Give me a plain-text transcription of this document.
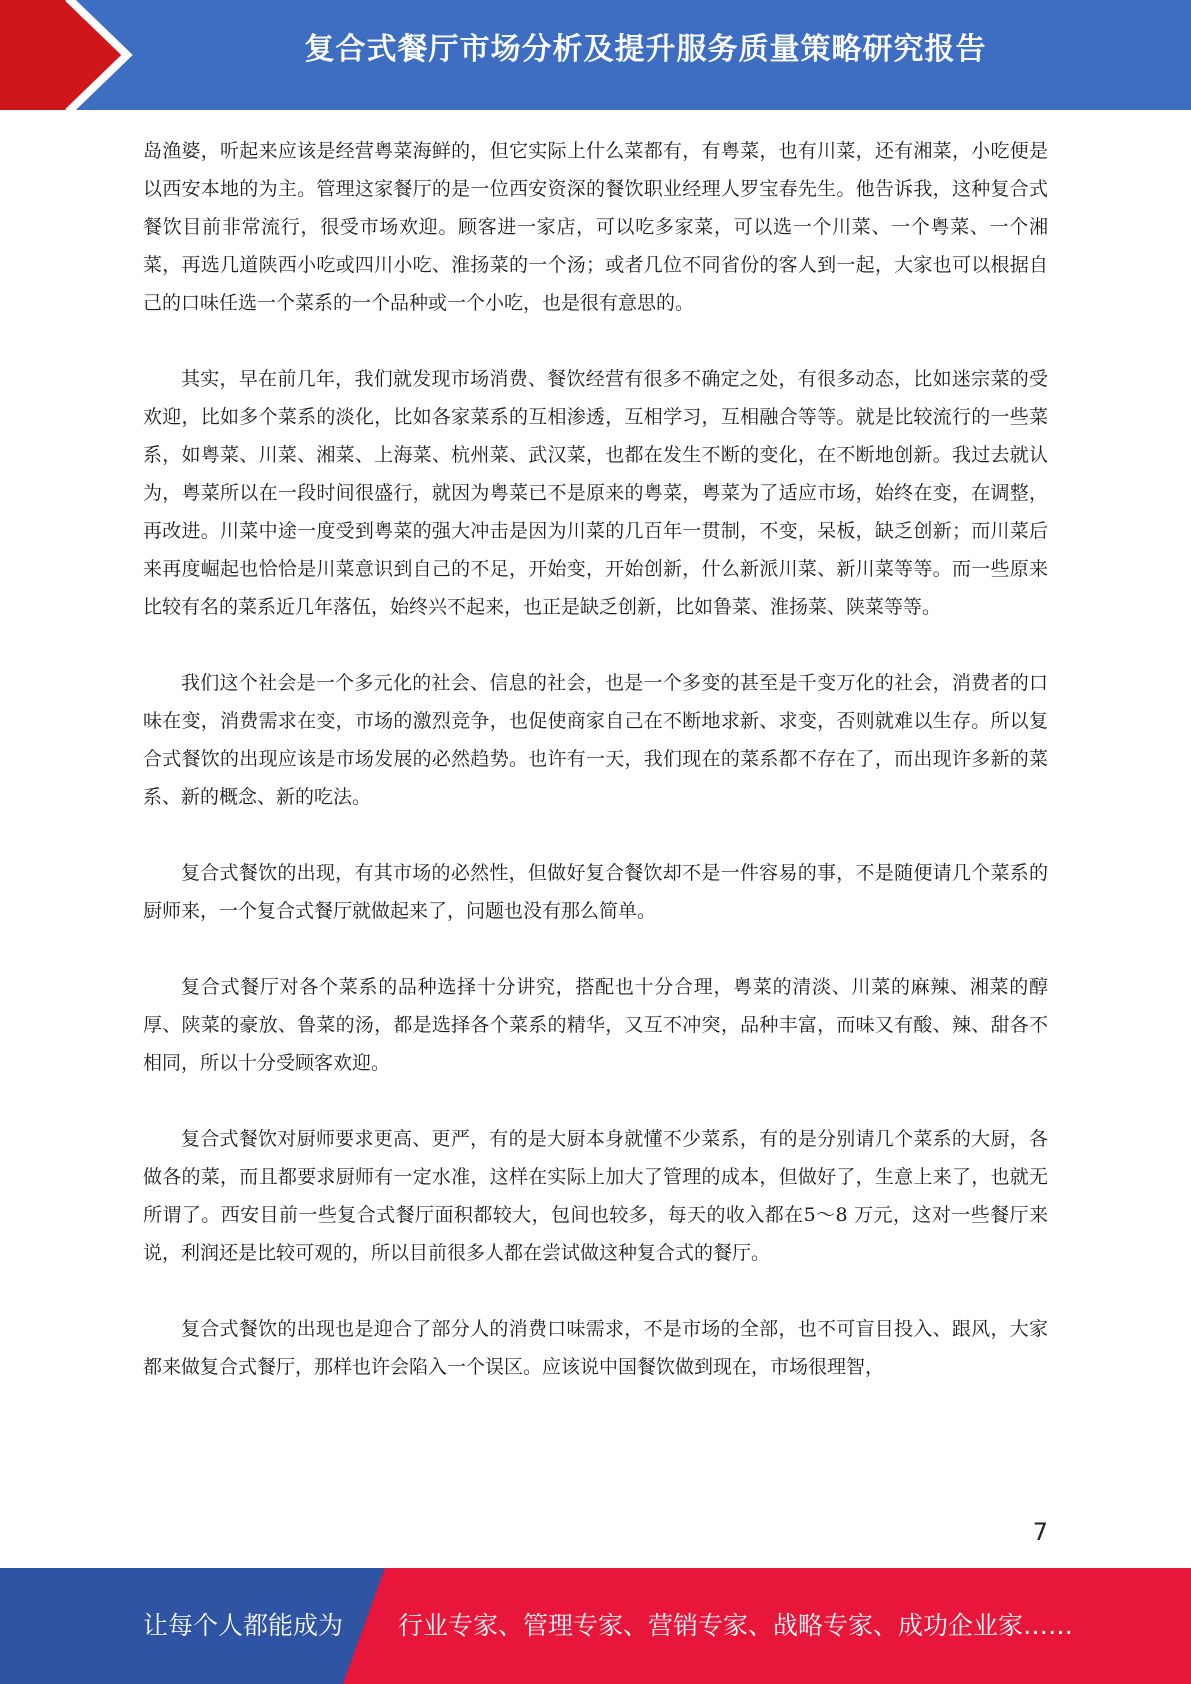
复合式餐厅市场分析及提升服务质量策略研究报告

岛渔婆，听起来应该是经营粤菜海鲜的，但它实际上什么菜都有，有粤菜，也有川菜，还有湘菜，小吃便是以西安本地的为主。管理这家餐厅的是一位西安资深的餐饮职业经理人罗宝春先生。他告诉我，这种复合式餐饮目前非常流行，很受市场欢迎。顾客进一家店，可以吃多家菜，可以选一个川菜、一个粤菜、一个湘菜，再选几道陕西小吃或四川小吃、淮扬菜的一个汤；或者几位不同省份的客人到一起，大家也可以根据自己的口味任选一个菜系的一个品种或一个小吃，也是很有意思的。

其实，早在前几年，我们就发现市场消费、餐饮经营有很多不确定之处，有很多动态，比如迷宗菜的受欢迎，比如多个菜系的淡化，比如各家菜系的互相渗透，互相学习，互相融合等等。就是比较流行的一些菜系，如粤菜、川菜、湘菜、上海菜、杭州菜、武汉菜，也都在发生不断的变化，在不断地创新。我过去就认为，粤菜所以在一段时间很盛行，就因为粤菜已不是原来的粤菜，粤菜为了适应市场，始终在变，在调整，再改进。川菜中途一度受到粤菜的强大冲击是因为川菜的几百年一贯制，不变，呆板，缺乏创新；而川菜后来再度崛起也恰恰是川菜意识到自己的不足，开始变，开始创新，什么新派川菜、新川菜等等。而一些原来比较有名的菜系近几年落伍，始终兴不起来，也正是缺乏创新，比如鲁菜、淮扬菜、陕菜等等。

我们这个社会是一个多元化的社会、信息的社会，也是一个多变的甚至是千变万化的社会，消费者的口味在变，消费需求在变，市场的激烈竞争，也促使商家自己在不断地求新、求变，否则就难以生存。所以复合式餐饮的出现应该是市场发展的必然趋势。也许有一天，我们现在的菜系都不存在了，而出现许多新的菜系、新的概念、新的吃法。

复合式餐饮的出现，有其市场的必然性，但做好复合餐饮却不是一件容易的事，不是随便请几个菜系的厨师来，一个复合式餐厅就做起来了，问题也没有那么简单。

复合式餐厅对各个菜系的品种选择十分讲究，搭配也十分合理，粤菜的清淡、川菜的麻辣、湘菜的醇厚、陕菜的豪放、鲁菜的汤，都是选择各个菜系的精华，又互不冲突，品种丰富，而味又有酸、辣、甜各不相同，所以十分受顾客欢迎。

复合式餐饮对厨师要求更高、更严，有的是大厨本身就懂不少菜系，有的是分别请几个菜系的大厨，各做各的菜，而且都要求厨师有一定水准，这样在实际上加大了管理的成本，但做好了，生意上来了，也就无所谓了。西安目前一些复合式餐厅面积都较大，包间也较多，每天的收入都在5～8 万元，这对一些餐厅来说，利润还是比较可观的，所以目前很多人都在尝试做这种复合式的餐厅。

复合式餐饮的出现也是迎合了部分人的消费口味需求，不是市场的全部，也不可盲目投入、跟风，大家都来做复合式餐厅，那样也许会陷入一个误区。应该说中国餐饮做到现在，市场很理智，

7
让每个人都能成为 行业专家、管理专家、营销专家、战略专家、成功企业家……
